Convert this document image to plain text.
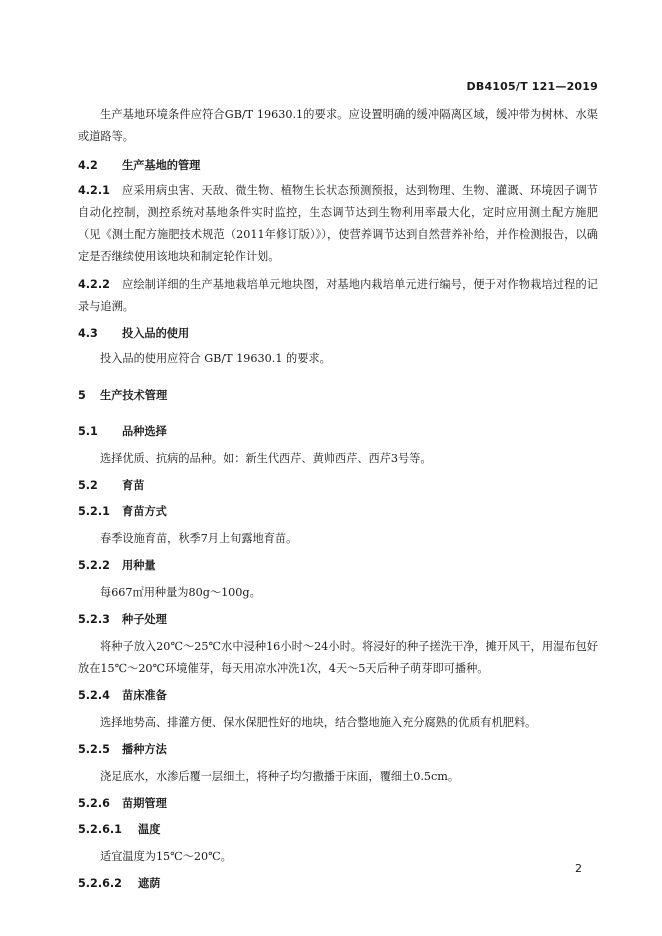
DB4105/T 121—2019

生产基地环境条件应符合GB/T 19630.1的要求。应设置明确的缓冲隔离区域，缓冲带为树林、水渠或道路等。

4.2	生产基地的管理

4.2.1 应采用病虫害、天敌、微生物、植物生长状态预测预报，达到物理、生物、灌溉、环境因子调节自动化控制，测控系统对基地条件实时监控，生态调节达到生物利用率最大化，定时应用测土配方施肥（见《测土配方施肥技术规范（2011年修订版）》），使营养调节达到自然营养补给，并作检测报告，以确定是否继续使用该地块和制定轮作计划。

4.2.2 应绘制详细的生产基地栽培单元地块图，对基地内栽培单元进行编号，便于对作物栽培过程的记录与追溯。

4.3	投入品的使用

投入品的使用应符合 GB/T 19630.1 的要求。

5	生产技术管理

5.1	品种选择

选择优质、抗病的品种。如：新生代西芹、黄帅西芹、西芹3号等。

5.2	育苗

5.2.1	育苗方式

春季设施育苗，秋季7月上旬露地育苗。

5.2.2	用种量

每667㎡用种量为80g～100g。

5.2.3	种子处理

将种子放入20℃～25℃水中浸种16小时～24小时。将浸好的种子搓洗干净，摊开风干，用湿布包好放在15℃～20℃环境催芽，每天用凉水冲洗1次，4天～5天后种子萌芽即可播种。

5.2.4	苗床准备

选择地势高、排灌方便、保水保肥性好的地块，结合整地施入充分腐熟的优质有机肥料。

5.2.5	播种方法

浇足底水，水渗后覆一层细土，将种子均匀撒播于床面，覆细土0.5cm。

5.2.6	苗期管理

5.2.6.1	温度

适宜温度为15℃～20℃。

5.2.6.2	遮荫

2
